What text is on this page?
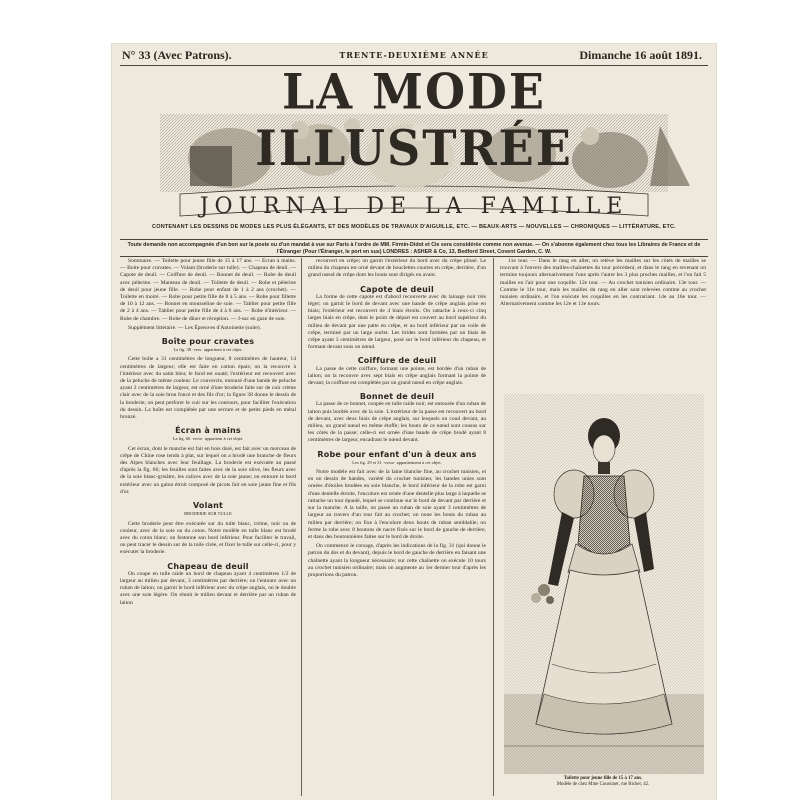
N° 33 (Avec Patrons).	TRENTE-DEUXIÈME ANNÉE	Dimanche 16 août 1891.
LA MODE ILLUSTRÉE
JOURNAL DE LA FAMILLE
CONTENANT LES DESSINS DE MODES LES PLUS ÉLÉGANTS, ET DES MODÈLES DE TRAVAUX D'AIGUILLE, ETC. — BEAUX-ARTS — NOUVELLES — CHRONIQUES — LITTÉRATURE, ETC.
Toute demande non accompagnée d'un bon sur la poste ou d'un mandat à vue sur Paris à l'ordre de MM. Firmin-Didot et Cie sera considérée comme non avenue. — On s'abonne également chez tous les Libraires de France et de l'Étranger (Pour l'Étranger, le port en sus) LONDRES : ASHER & Co, 13, Bedford Street, Covent Garden, C. W.

Sommaire. — Toilette pour jeune fille de 15 à 17 ans. — Écran à mains. — Boite pour cravates. — Volant (broderie sur tulle). — Chapeau de deuil. — Capote de deuil. — Coiffure de deuil. — Bonnet de deuil. — Robe de deuil avec pèlerine. — Manteau de deuil. — Toilette de deuil. — Robe et pèlerine de deuil pour jeune fille. — Robe pour enfant de 1 à 2 ans (crochet). — Toilette en moiré. — Robe pour petite fille de 8 à 5 ans. — Robe pour fillette de 10 à 12 ans. — Bonnet en mousseline de soie. — Tablier pour petite fille de 2 à 4 ans. — Tablier pour petite fille de 4 à 6 ans. — Robe d'intérieur. — Robe de chambre. — Robe de dîner et réception. — J-sac en gaze de soie.

Supplément littéraire. — Les Épreuves d'Antoinette (suite).

Boîte pour cravates
La fig. 38 ·vers· appartient à cet objet.

Cette boîte a 31 centimètres de longueur, 8 centimètres de hauteur, 14 centimètres de largeur; elle est faite en carton épais; on la recouvre à l'intérieur avec du satin bleu; le fond est ouaté; l'extérieur est recouvert avec de la peluche de même couleur. Le couvercle, entouré d'une bande de peluche ayant 2 centimètres de largeur, est orné d'une broderie faite sur de cuir crème clair avec de la soie brun foncé et des fils d'or; la figure 38 donne le dessin de la broderie; on peut perforer le cuir sur les contours, pour faciliter l'exécution du dessin. La boîte est complétée par une serrure et de petits pieds en métal bronzé.

Écran à mains
La fig. 66 ·recto· appartient à cet objet.

Cet écran, dont le manche est fait en bois doré, est fait avec un morceau de crêpe de Chine rose tendu à plat, sur lequel on a brodé une branche de fleurs des Alpes blanches avec leur feuillage. La broderie est exécutée au passé d'après la fig. 66; les feuilles sont faites avec de la soie olive, les fleurs avec de la soie blanc-grisâtre, les calices avec de la soie jaune; on entoure le bord extérieur avec un galon étroit composé de picots fait en soie jaune fine et fils d'or.

Volant
BRODERIE SUR TULLE

Cette broderie peut être exécutée sur du tulle blanc, crème, noir ou de couleur, avec de la soie ou du coton. Notre modèle en tulle blanc est brodé avec du coton blanc; on festonne son bord inférieur. Pour faciliter le travail, on peut tracer le dessin sur de la toile cirée, et fixer le tulle sur celle-ci, pour y exécuter la broderie.

Chapeau de deuil

On coupe en tulle raide un bord de chapeau ayant 4 centimètres 1/2 de largeur au milieu par devant, 3 centimètres par derrière; on l'entoure avec un ruban de laiton; on garnit le bord inférieur avec du crêpe anglais, on le double avec une soie légère. On réunit le milieu devant et derrière par un ruban de laiton

recouvert en crêpe; on garnit l'extérieur du bord avec du crêpe plissé. Le milieu du chapeau est orné devant de bouclettes courtes en crêpe, derrière, d'un grand nœud de crêpe dont les bouts sont dirigés en avant.

Capote de deuil

La forme de cette capote est d'abord recouverte avec du lainage noir très léger; on garnit le bord de devant avec une bande de crêpe anglais prise en biais; l'extérieur est recouvert de 4 biais étroits. On rattache à ceux-ci cinq larges biais en crêpe, dont le point de départ est couvert au bord supérieur du milieu de devant par une patte en crêpe, et au bord inférieur par un voile de crêpe, terminé par un large ourlet. Les brides sont formées par un biais de crêpe ayant 3 centimètres de largeur, posé sur le bord inférieur du chapeau, et formant devant sous un nœud.

Coiffure de deuil

La passe de cette coiffure, formant une pointe, est bordée d'un ruban de laiton; on la recouvre avec sept biais en crêpe anglais formant la pointe de devant; la coiffure est complétée par un grand nœud en crêpe anglais.

Bonnet de deuil

La passe de ce bonnet, coupée en tulle raide noir, est entourée d'un ruban de laiton puis bordée avec de la soie. L'extérieur de la passe est recouvert au bord de devant, avec deux biais de crêpe anglais, sur lesquels on coud devant, au milieu, un grand nœud en même étoffe; les bouts de ce nœud sont cousus sur les côtés de la passe; celle-ci est ornée d'une bande de crêpe brodé ayant 8 centimètres de largeur, encadrant le nœud devant.

Robe pour enfant d'un à deux ans
Les fig. 29 et 31 ·verso· appartiennent à cet objet.

Notre modèle est fait avec de la laine blanche fine, au crochet tunisien, et en un dessin de bandes, variété du crochet tunisien; les bandes unies sont ornées d'étoiles brodées en soie blanche, le bord inférieur de la robe est garni d'une dentelle étroite, l'encolure est ornée d'une dentelle plus large à laquelle se rattache un tour épaulé, lequel se continue sur le bord de devant par derrière et sur la manche. A la taille, on passe un ruban de soie ayant 3 centimètres de largeur au travers d'un tour fait au crochet; on noue les bouts du ruban au milieu par derrière; on fixe à l'encolure deux bouts de ruban semblable; on ferme la robe avec 8 boutons de nacre fixés sur le bord de gauche de derrière, et dans des boutonnières faites sur le bord de droite.

On commence le corsage, d'après les indications de la fig. 31 (qui donne le patron du dos et du devant), depuis le bord de gauche de derrière en faisant une chaînette ayant la longueur nécessaire; sur cette chaînette on exécute 10 tours au crochet tunisien ordinaire; mais on augmente au 1er dernier tour d'après les proportions du patron.

11e tour. — Dans le rang en aller, on relève les mailles sur les côtés de mailles se trouvant à l'envers des mailles-chaînettes du tour précédent, et dans le rang en revenant on termine toujours alternativement l'une après l'autre les 3 plus proches mailles, et l'on fait 5 mailles en l'air pour une coquille. 12e tour. — Au crochet tunisien ordinaire. 13e tour. — Comme le 11e tour, mais les mailles du rang en aller sont relevées comme au crochet tunisien ordinaire, et l'on exécute les coquilles en les contrariant. 14e au 16e tour. — Alternativement comme les 12e et 13e tours.

Toilette pour jeune fille de 15 à 17 ans.
Modèle de chez Mme Coussinet, rue Richer, 42.
